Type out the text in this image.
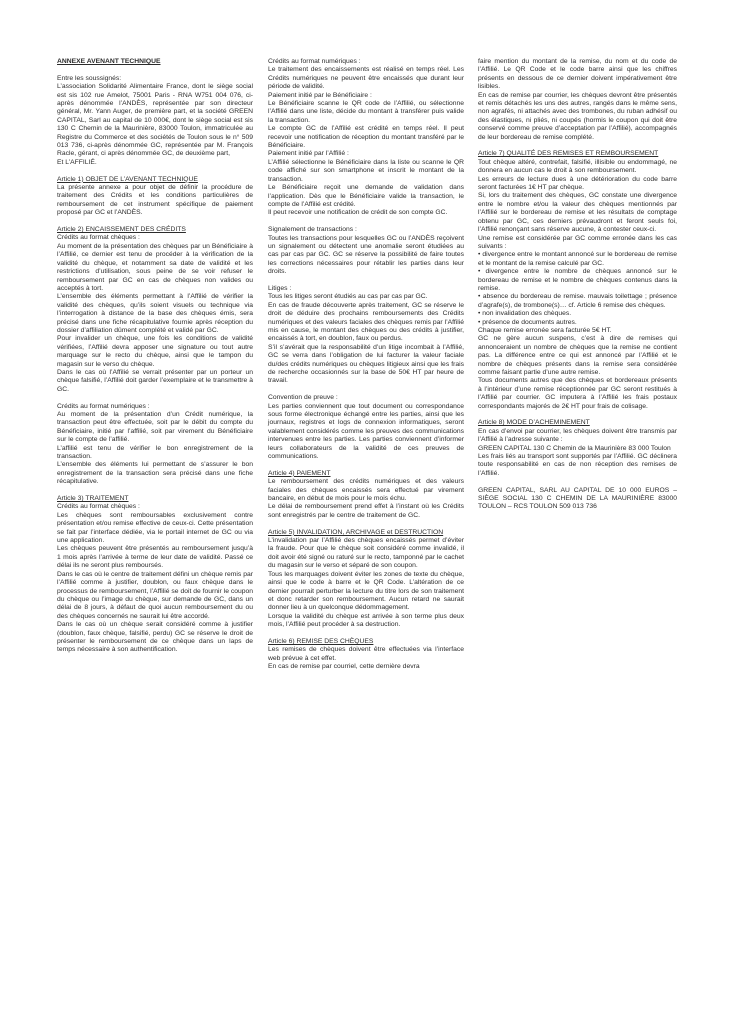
ANNEXE AVENANT TECHNIQUE

Entre les soussignés:

L’association Solidarité Alimentaire France, dont le siège social est sis 102 rue Amelot, 75001 Paris - RNA W751 004 076, ci-après dénommée l’ANDÈS, représentée par son directeur général, Mr. Yann Auger, de première part, et la société GREEN CAPITAL, Sarl au capital de 10 000€, dont le siège social est sis 130 C Chemin de la Maurinière, 83000 Toulon, immatriculée au Registre du Commerce et des sociétés de Toulon sous le n° 509 013 736, ci-après dénommée GC, représentée par M. François Racle, gérant, ci après dénommée GC, de deuxième part,

Et L’AFFILIÉ.

Article 1) OBJET DE L’AVENANT TECHNIQUE

La présente annexe a pour objet de définir la procédure de traitement des Crédits et les conditions particulières de remboursement de cet instrument spécifique de paiement proposé par GC et l’ANDÈS.

Article 2) ENCAISSEMENT DES CRÉDITS

Crédits au format chèques :

Au moment de la présentation des chèques par un Bénéficiaire à l’Affilié, ce dernier est tenu de procéder à la vérification de la validité du chèque, et notamment sa date de validité et les restrictions d’utilisation, sous peine de se voir refuser le remboursement par GC en cas de chèques non valides ou acceptés à tort.

L’ensemble des éléments permettant à l’Affilié de vérifier la validité des chèques, qu’ils soient visuels ou technique via l’interrogation à distance de la base des chèques émis, sera précisé dans une fiche récapitulative fournie après réception du dossier d’affiliation dûment complété et validé par GC.

Pour invalider un chèque, une fois les conditions de validité vérifiées, l’Affilié devra apposer une signature ou tout autre marquage sur le recto du chèque, ainsi que le tampon du magasin sur le verso du chèque.

Dans le cas où l’Affilié se verrait présenter par un porteur un chèque falsifié, l’Affilié doit garder l’exemplaire et le transmettre à GC.

Crédits au format numériques :

Au moment de la présentation d’un Crédit numérique, la transaction peut être effectuée, soit par le débit du compte du Bénéficiaire, initié par l’affilié, soit par virement du Bénéficiaire sur le compte de l’affilié.

L’affilié est tenu de vérifier le bon enregistrement de la transaction.

L’ensemble des éléments lui permettant de s’assurer le bon enregistrement de la transaction sera précisé dans une fiche récapitulative.

Article 3) TRAITEMENT

Crédits au format chèques :

Les chèques sont remboursables exclusivement contre présentation et/ou remise effective de ceux-ci. Cette présentation se fait par l’interface dédiée, via le portail internet de GC ou via une application.

Les chèques peuvent être présentés au remboursement jusqu’à 1 mois après l’arrivée à terme de leur date de validité. Passé ce délai ils ne seront plus remboursés.

Dans le cas où le centre de traitement défini un chèque remis par l’Affilié comme à justifier, doublon, ou faux chèque dans le processus de remboursement, l’Affilié se doit de fournir le coupon du chèque ou l’image du chèque, sur demande de GC, dans un délai de 8 jours, à défaut de quoi aucun remboursement du ou des chèques concernés ne saurait lui être accordé.

Dans le cas où un chèque serait considéré comme à justifier (doublon, faux chèque, falsifié, perdu) GC se réserve le droit de présenter le remboursement de ce chèque dans un laps de temps nécessaire à son authentification.

Crédits au format numériques :

Le traitement des encaissements est réalisé en temps réel. Les Crédits numériques ne peuvent être encaissés que durant leur période de validité.

Paiement initié par le Bénéficiaire :

Le Bénéficiaire scanne le QR code de l’Affilié, ou sélectionne l’Affilié dans une liste, décide du montant à transférer puis valide la transaction.

Le compte GC de l’Affilié est crédité en temps réel. Il peut recevoir une notification de réception du montant transféré par le Bénéficiaire.

Paiement initié par l’Affilié :

L’Affilié sélectionne le Bénéficiaire dans la liste ou scanne le QR code affiché sur son smartphone et inscrit le montant de la transaction.

Le Bénéficiaire reçoit une demande de validation dans l’application. Dès que le Bénéficiaire valide la transaction, le compte de l’Affilié est crédité.

Il peut recevoir une notification de crédit de son compte GC.

Signalement de transactions :

Toutes les transactions pour lesquelles GC ou l’ANDÈS reçoivent un signalement ou détectent une anomalie seront étudiées au cas par cas par GC. GC se réserve la possibilité de faire toutes les corrections nécessaires pour rétablir les parties dans leur droits.

Litiges :

Tous les litiges seront étudiés au cas par cas par GC.

En cas de fraude découverte après traitement, GC se réserve le droit de déduire des prochains remboursements des Crédits numériques et des valeurs faciales des chèques remis par l’Affilié mis en cause, le montant des chèques ou des crédits à justifier, encaissés à tort, en doublon, faux ou perdus.

S’il s’avérait que la responsabilité d’un litige incombait à l’Affilié, GC se verra dans l’obligation de lui facturer la valeur faciale du/des crédits numériques ou chèques litigieux ainsi que les frais de recherche occasionnés sur la base de 50€ HT par heure de travail.

Convention de preuve :

Les parties conviennent que tout document ou correspondance sous forme électronique échangé entre les parties, ainsi que les journaux, registres et logs de connexion informatiques, seront valablement considérés comme les preuves des communications intervenues entre les parties. Les parties conviennent d’informer leurs collaborateurs de la validité de ces preuves de communications.

Article 4) PAIEMENT

Le remboursement des crédits numériques et des valeurs faciales des chèques encaissés sera effectué par virement bancaire, en début de mois pour le mois échu.

Le délai de remboursement prend effet à l’instant où les Crédits sont enregistrés par le centre de traitement de GC.

Article 5) INVALIDATION, ARCHIVAGE et DESTRUCTION

L’invalidation par l’Affilié des chèques encaissés permet d’éviter la fraude. Pour que le chèque soit considéré comme invalidé, il doit avoir été signé ou raturé sur le recto, tamponné par le cachet du magasin sur le verso et séparé de son coupon.

Tous les marquages doivent éviter les zones de texte du chèque, ainsi que le code à barre et le QR Code. L’altération de ce dernier pourrait perturber la lecture du titre lors de son traitement et donc retarder son remboursement. Aucun retard ne saurait donner lieu à un quelconque dédommagement.

Lorsque la validité du chèque est arrivée à son terme plus deux mois, l’Affilié peut procéder à sa destruction.

Article 6) REMISE DES CHÈQUES

Les remises de chèques doivent être effectuées via l’interface web prévue à cet effet.

En cas de remise par courriel, cette dernière devra

faire mention du montant de la remise, du nom et du code de l’Affilié. Le QR Code et le code barre ainsi que les chiffres présents en dessous de ce dernier doivent impérativement être lisibles.

En cas de remise par courrier, les chèques devront être présentés et remis détachés les uns des autres, rangés dans le même sens, non agrafés, ni attachés avec des trombones, du ruban adhésif ou des élastiques, ni pliés, ni coupés (hormis le coupon qui doit être conservé comme preuve d’acceptation par l’Affilié), accompagnés de leur bordereau de remise complété.

Article 7) QUALITÉ DES REMISES ET REMBOURSEMENT

Tout chèque altéré, contrefait, falsifié, illisible ou endommagé, ne donnera en aucun cas le droit à son remboursement.

Les erreurs de lecture dues à une détérioration du code barre seront facturées 1€ HT par chèque.

Si, lors du traitement des chèques, GC constate une divergence entre le nombre et/ou la valeur des chèques mentionnés par l’Affilié sur le bordereau de remise et les résultats de comptage obtenu par GC, ces derniers prévaudront et feront seuls foi, l’Affilié renonçant sans réserve aucune, à contester ceux-ci.

Une remise est considérée par GC comme erronée dans les cas suivants :

• divergence entre le montant annoncé sur le bordereau de remise et le montant de la remise calculé par GC.

• divergence entre le nombre de chèques annoncé sur le bordereau de remise et le nombre de chèques contenus dans la remise.

• absence du bordereau de remise. mauvais toilettage ; présence d’agrafe(s), de trombone(s)… cf. Article 6 remise des chèques.

• non invalidation des chèques.

• présence de documents autres.

Chaque remise erronée sera facturée 5€ HT.

GC ne gère aucun suspens, c’est à dire de remises qui annonceraient un nombre de chèques que la remise ne contient pas. La différence entre ce qui est annoncé par l’Affilié et le nombre de chèques présents dans la remise sera considérée comme faisant partie d’une autre remise.

Tous documents autres que des chèques et bordereaux présents à l’intérieur d’une remise réceptionnée par GC seront restitués à l’Affilié par courrier. GC imputera à l’Affilié les frais postaux correspondants majorés de 2€ HT pour frais de colisage.

Article 8) MODE D’ACHEMINEMENT

En cas d’envoi par courrier, les chèques doivent être transmis par l’Affilié à l’adresse suivante :

GREEN CAPITAL 130 C Chemin de la Maurinière 83 000 Toulon

Les frais liés au transport sont supportés par l’Affilié. GC déclinera toute responsabilité en cas de non réception des remises de l’Affilié.

GREEN CAPITAL, SARL AU CAPITAL DE 10 000 EUROS – SIÈGE SOCIAL 130 C CHEMIN DE LA MAURINIÈRE 83000 TOULON – RCS TOULON 509 013 736
